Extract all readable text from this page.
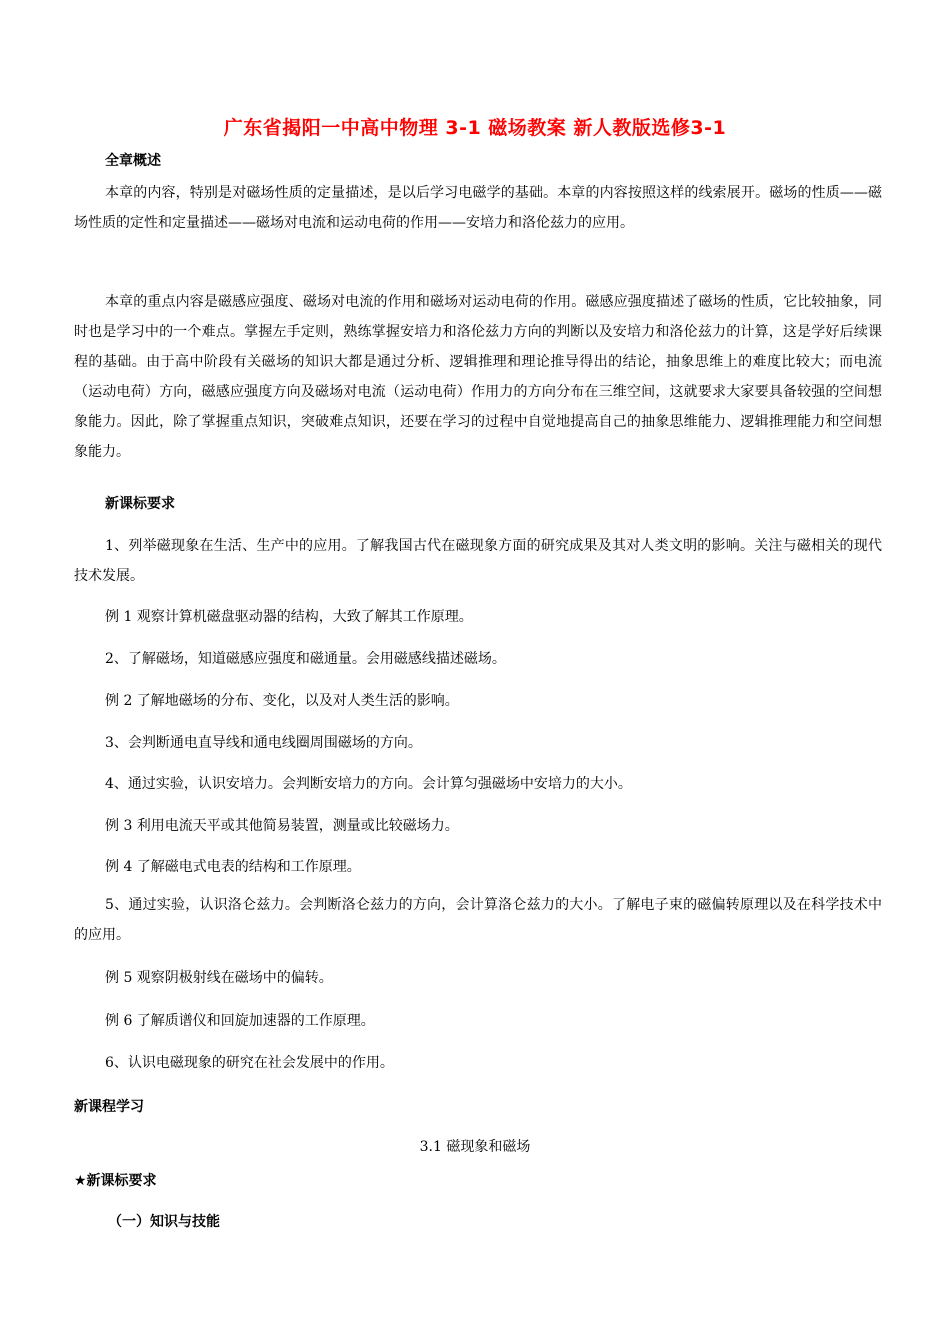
广东省揭阳一中高中物理 3-1 磁场教案 新人教版选修3-1
全章概述
本章的内容，特别是对磁场性质的定量描述，是以后学习电磁学的基础。本章的内容按照这样的线索展开。磁场的性质——磁场性质的定性和定量描述——磁场对电流和运动电荷的作用——安培力和洛伦兹力的应用。
本章的重点内容是磁感应强度、磁场对电流的作用和磁场对运动电荷的作用。磁感应强度描述了磁场的性质，它比较抽象，同时也是学习中的一个难点。掌握左手定则，熟练掌握安培力和洛伦兹力方向的判断以及安培力和洛伦兹力的计算，这是学好后续课程的基础。由于高中阶段有关磁场的知识大都是通过分析、逻辑推理和理论推导得出的结论，抽象思维上的难度比较大；而电流（运动电荷）方向，磁感应强度方向及磁场对电流（运动电荷）作用力的方向分布在三维空间，这就要求大家要具备较强的空间想象能力。因此，除了掌握重点知识，突破难点知识，还要在学习的过程中自觉地提高自己的抽象思维能力、逻辑推理能力和空间想象能力。
新课标要求
1、列举磁现象在生活、生产中的应用。了解我国古代在磁现象方面的研究成果及其对人类文明的影响。关注与磁相关的现代技术发展。
例 1 观察计算机磁盘驱动器的结构，大致了解其工作原理。
2、了解磁场，知道磁感应强度和磁通量。会用磁感线描述磁场。
例 2 了解地磁场的分布、变化，以及对人类生活的影响。
3、会判断通电直导线和通电线圈周围磁场的方向。
4、通过实验，认识安培力。会判断安培力的方向。会计算匀强磁场中安培力的大小。
例 3 利用电流天平或其他简易装置，测量或比较磁场力。
例 4 了解磁电式电表的结构和工作原理。
5、通过实验，认识洛仑兹力。会判断洛仑兹力的方向，会计算洛仑兹力的大小。了解电子束的磁偏转原理以及在科学技术中的应用。
例 5 观察阴极射线在磁场中的偏转。
例 6 了解质谱仪和回旋加速器的工作原理。
6、认识电磁现象的研究在社会发展中的作用。
新课程学习
3.1 磁现象和磁场
★新课标要求
（一）知识与技能
